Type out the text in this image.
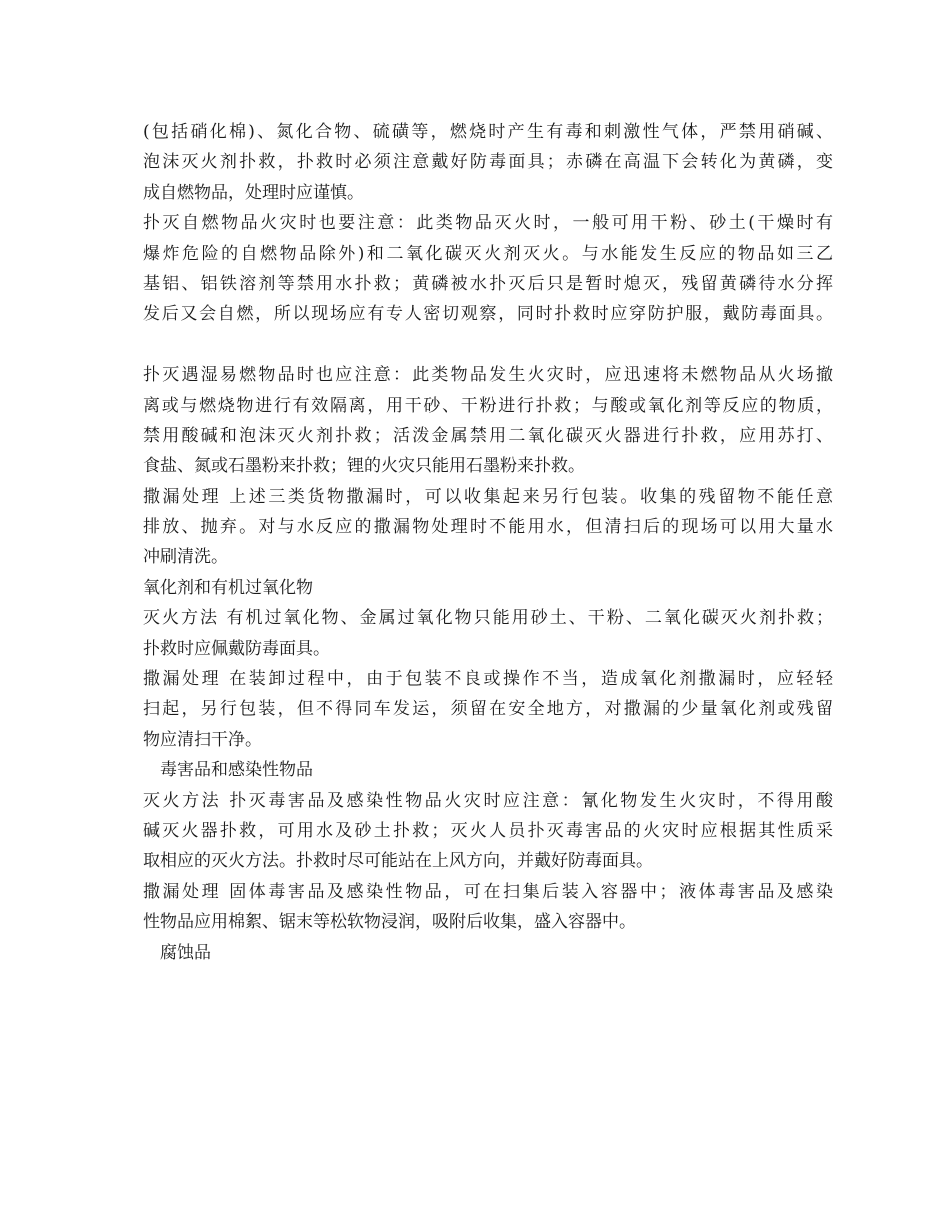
(包括硝化棉)、氮化合物、硫磺等，燃烧时产生有毒和刺激性气体，严禁用硝碱、
泡沫灭火剂扑救，扑救时必须注意戴好防毒面具；赤磷在高温下会转化为黄磷，变
成自燃物品，处理时应谨慎。
扑灭自燃物品火灾时也要注意：此类物品灭火时，一般可用干粉、砂土(干燥时有
爆炸危险的自燃物品除外)和二氧化碳灭火剂灭火。与水能发生反应的物品如三乙
基铝、铝铁溶剂等禁用水扑救；黄磷被水扑灭后只是暂时熄灭，残留黄磷待水分挥
发后又会自燃，所以现场应有专人密切观察，同时扑救时应穿防护服，戴防毒面具。
扑灭遇湿易燃物品时也应注意：此类物品发生火灾时，应迅速将未燃物品从火场撤
离或与燃烧物进行有效隔离，用干砂、干粉进行扑救；与酸或氧化剂等反应的物质，
禁用酸碱和泡沫灭火剂扑救；活泼金属禁用二氧化碳灭火器进行扑救，应用苏打、
食盐、氮或石墨粉来扑救；锂的火灾只能用石墨粉来扑救。
撒漏处理 上述三类货物撒漏时，可以收集起来另行包装。收集的残留物不能任意
排放、抛弃。对与水反应的撒漏物处理时不能用水，但清扫后的现场可以用大量水
冲刷清洗。
氧化剂和有机过氧化物
灭火方法 有机过氧化物、金属过氧化物只能用砂土、干粉、二氧化碳灭火剂扑救；
扑救时应佩戴防毒面具。
撒漏处理 在装卸过程中，由于包装不良或操作不当，造成氧化剂撒漏时，应轻轻
扫起，另行包装，但不得同车发运，须留在安全地方，对撒漏的少量氧化剂或残留
物应清扫干净。
毒害品和感染性物品
灭火方法 扑灭毒害品及感染性物品火灾时应注意：氰化物发生火灾时，不得用酸
碱灭火器扑救，可用水及砂土扑救；灭火人员扑灭毒害品的火灾时应根据其性质采
取相应的灭火方法。扑救时尽可能站在上风方向，并戴好防毒面具。
撒漏处理 固体毒害品及感染性物品，可在扫集后装入容器中；液体毒害品及感染
性物品应用棉絮、锯末等松软物浸润，吸附后收集，盛入容器中。
腐蚀品
